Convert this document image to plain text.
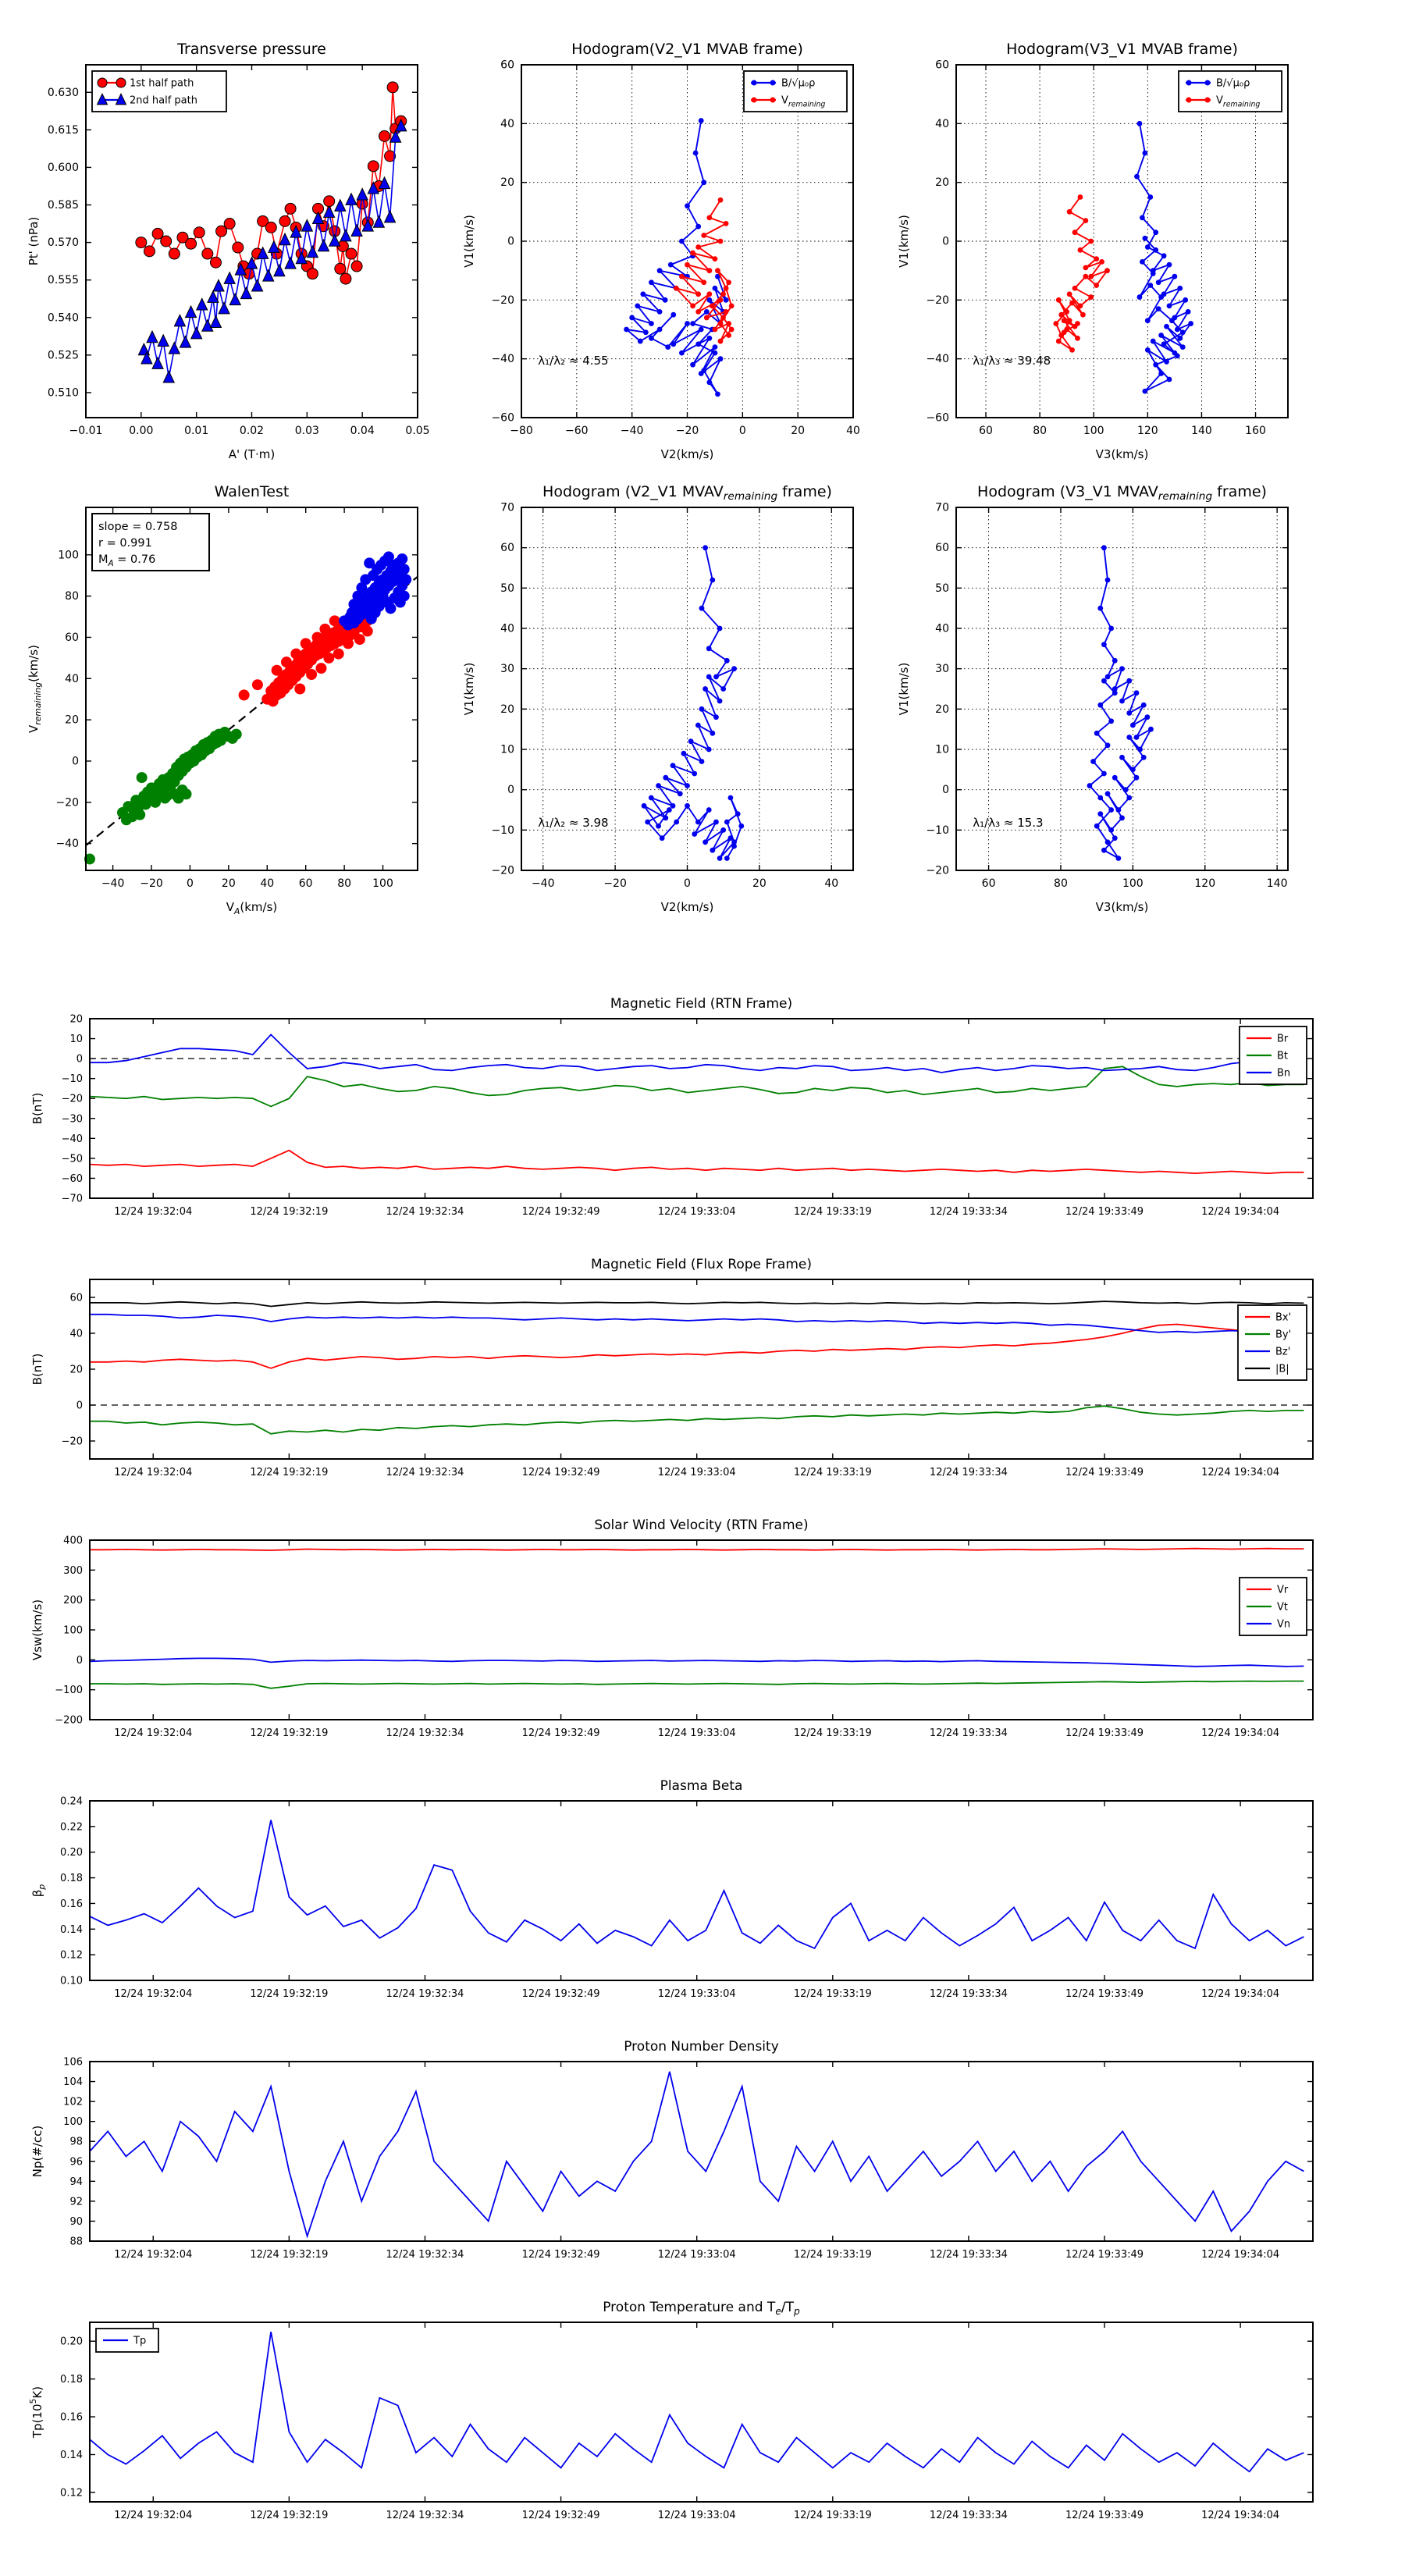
−0.01 0.00	0.01	0.02	0.03	0.04	0.05
0.510
0.525
0.540
0.555
0.570
0.585
0.600
0.615
0.630
Transverse pressure
A' (T·m)
Pt' (nPa)
1st half path
2nd half path
−80	−60	−40	−20	0	20	40
−60
−40
−20
0
20
40
60
Hodogram(V2_V1 MVAB frame)
V2(km/s)
V1(km/s)
λ₁/λ₂ ≈ 4.55
B/√μ₀ρ
$V_{remaining}$
60	80	100	120	140	160
−60
−40
−20
0
20
40
60
Hodogram(V3_V1 MVAB frame)
V3(km/s)
V1(km/s)
λ₁/λ₃ ≈ 39.48
B/√μ₀ρ
$V_{remaining}$
−40 −20 0	20 40 60 80 100
−40
−20
0
20
40
60
80
100
WalenTest
$V_A(km/s)$
$V_{remaining}(km/s)$
slope = 0.758
r = 0.991
$M_A = 0.76$
−40	−20	0	20	40
−20
−10
0
10
20
30
40
50
60
70
Hodogram (V2_V1 $MVAV_{remaining}$ frame)
V2(km/s)
V1(km/s)
λ₁/λ₂ ≈ 3.98
60	80	100	120	140
−20
−10
0
10
20
30
40
50
60
70
Hodogram (V3_V1 $MVAV_{remaining}$ frame)
V3(km/s)
V1(km/s)
λ₁/λ₃ ≈ 15.3
12/24 19:32:04	12/24 19:32:19	12/24 19:32:34	12/24 19:32:49	12/24 19:33:04	12/24 19:33:19	12/24 19:33:34	12/24 19:33:49	12/24 19:34:04
−70
−60
−50
−40
−30
−20
−10
0
10
20
Magnetic Field (RTN Frame)
B(nT)
Br
Bt
Bn
12/24 19:32:04	12/24 19:32:19	12/24 19:32:34	12/24 19:32:49	12/24 19:33:04	12/24 19:33:19	12/24 19:33:34	12/24 19:33:49	12/24 19:34:04
−20
0
20
40
60
Magnetic Field (Flux Rope Frame)
B(nT)
Bx'
By'
Bz'
|B|
12/24 19:32:04	12/24 19:32:19	12/24 19:32:34	12/24 19:32:49	12/24 19:33:04	12/24 19:33:19	12/24 19:33:34	12/24 19:33:49	12/24 19:34:04
−200
−100
0
100
200
300
400
Solar Wind Velocity (RTN Frame)
Vsw(km/s)
Vr
Vt
Vn
12/24 19:32:04	12/24 19:32:19	12/24 19:32:34	12/24 19:32:49	12/24 19:33:04	12/24 19:33:19	12/24 19:33:34	12/24 19:33:49	12/24 19:34:04
0.10
0.12
0.14
0.16
0.18
0.20
0.22
0.24
Plasma Beta
$\beta_p$
12/24 19:32:04	12/24 19:32:19	12/24 19:32:34	12/24 19:32:49	12/24 19:33:04	12/24 19:33:19	12/24 19:33:34	12/24 19:33:49	12/24 19:34:04
88
90
92
94
96
98
100
102
104
106
Proton Number Density
Np(#/cc)
12/24 19:32:04	12/24 19:32:19	12/24 19:32:34	12/24 19:32:49	12/24 19:33:04	12/24 19:33:19	12/24 19:33:34	12/24 19:33:49	12/24 19:34:04
0.12
0.14
0.16
0.18
0.20
Proton Temperature and $T_e/T_p$
$Tp(10^5K)$
Tp
